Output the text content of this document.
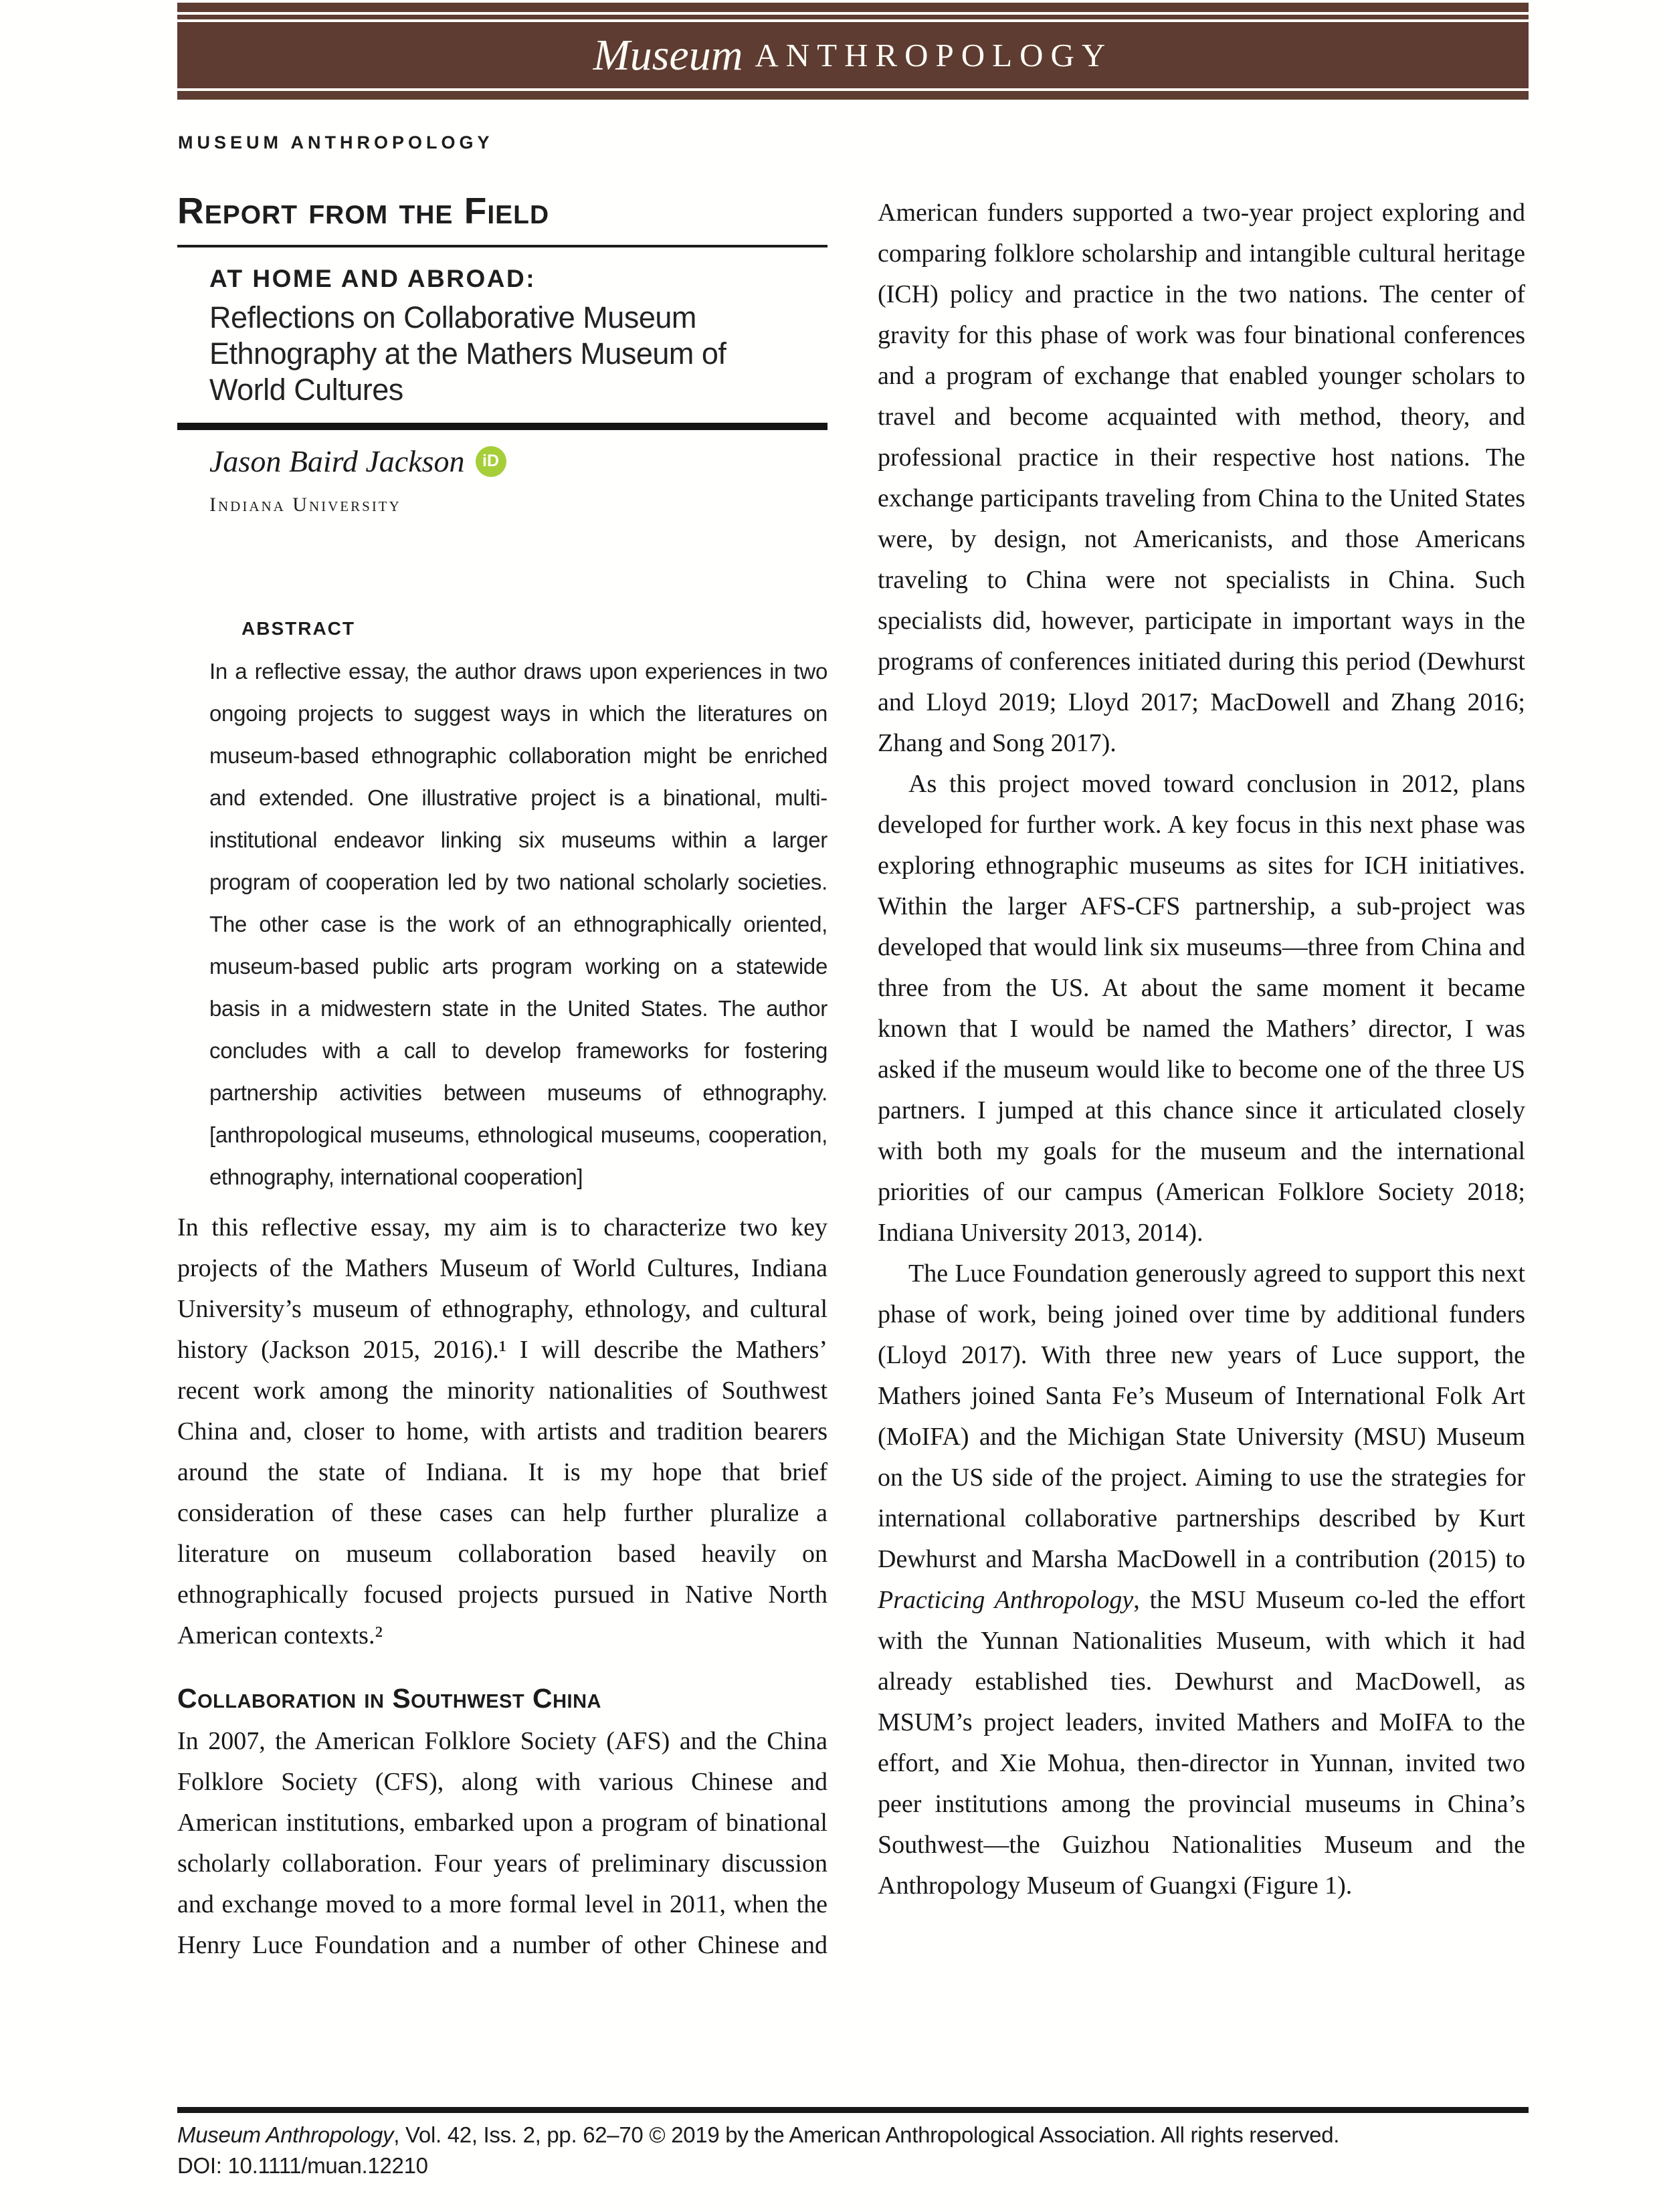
Museum ANTHROPOLOGY
MUSEUM ANTHROPOLOGY
Report from the Field
AT HOME AND ABROAD:
Reflections on Collaborative Museum Ethnography at the Mathers Museum of World Cultures
Jason Baird Jackson	iD
Indiana University
ABSTRACT
In a reflective essay, the author draws upon experiences in two ongoing projects to suggest ways in which the literatures on museum-based ethnographic collaboration might be enriched and extended. One illustrative project is a binational, multi-institutional endeavor linking six museums within a larger program of cooperation led by two national scholarly societies. The other case is the work of an ethnographically oriented, museum-based public arts program working on a statewide basis in a midwestern state in the United States. The author concludes with a call to develop frameworks for fostering partnership activities between museums of ethnography. [anthropological museums, ethnological museums, cooperation, ethnography, international cooperation]
In this reflective essay, my aim is to characterize two key projects of the Mathers Museum of World Cultures, Indiana University’s museum of ethnography, ethnology, and cultural history (Jackson 2015, 2016).¹ I will describe the Mathers’ recent work among the minority nationalities of Southwest China and, closer to home, with artists and tradition bearers around the state of Indiana. It is my hope that brief consideration of these cases can help further pluralize a literature on museum collaboration based heavily on ethnographically focused projects pursued in Native North American contexts.²
Collaboration in Southwest China
In 2007, the American Folklore Society (AFS) and the China Folklore Society (CFS), along with various Chinese and American institutions, embarked upon a program of binational scholarly collaboration. Four years of preliminary discussion and exchange moved to a more formal level in 2011, when the Henry Luce Foundation and a number of other Chinese and
American funders supported a two-year project exploring and comparing folklore scholarship and intangible cultural heritage (ICH) policy and practice in the two nations. The center of gravity for this phase of work was four binational conferences and a program of exchange that enabled younger scholars to travel and become acquainted with method, theory, and professional practice in their respective host nations. The exchange participants traveling from China to the United States were, by design, not Americanists, and those Americans traveling to China were not specialists in China. Such specialists did, however, participate in important ways in the programs of conferences initiated during this period (Dewhurst and Lloyd 2019; Lloyd 2017; MacDowell and Zhang 2016; Zhang and Song 2017).
As this project moved toward conclusion in 2012, plans developed for further work. A key focus in this next phase was exploring ethnographic museums as sites for ICH initiatives. Within the larger AFS-CFS partnership, a sub-project was developed that would link six museums—three from China and three from the US. At about the same moment it became known that I would be named the Mathers’ director, I was asked if the museum would like to become one of the three US partners. I jumped at this chance since it articulated closely with both my goals for the museum and the international priorities of our campus (American Folklore Society 2018; Indiana University 2013, 2014).
The Luce Foundation generously agreed to support this next phase of work, being joined over time by additional funders (Lloyd 2017). With three new years of Luce support, the Mathers joined Santa Fe’s Museum of International Folk Art (MoIFA) and the Michigan State University (MSU) Museum on the US side of the project. Aiming to use the strategies for international collaborative partnerships described by Kurt Dewhurst and Marsha MacDowell in a contribution (2015) to Practicing Anthropology, the MSU Museum co-led the effort with the Yunnan Nationalities Museum, with which it had already established ties. Dewhurst and MacDowell, as MSUM’s project leaders, invited Mathers and MoIFA to the effort, and Xie Mohua, then-director in Yunnan, invited two peer institutions among the provincial museums in China’s Southwest—the Guizhou Nationalities Museum and the Anthropology Museum of Guangxi (Figure 1).
Museum Anthropology, Vol. 42, Iss. 2, pp. 62–70 © 2019 by the American Anthropological Association. All rights reserved.
DOI: 10.1111/muan.12210
